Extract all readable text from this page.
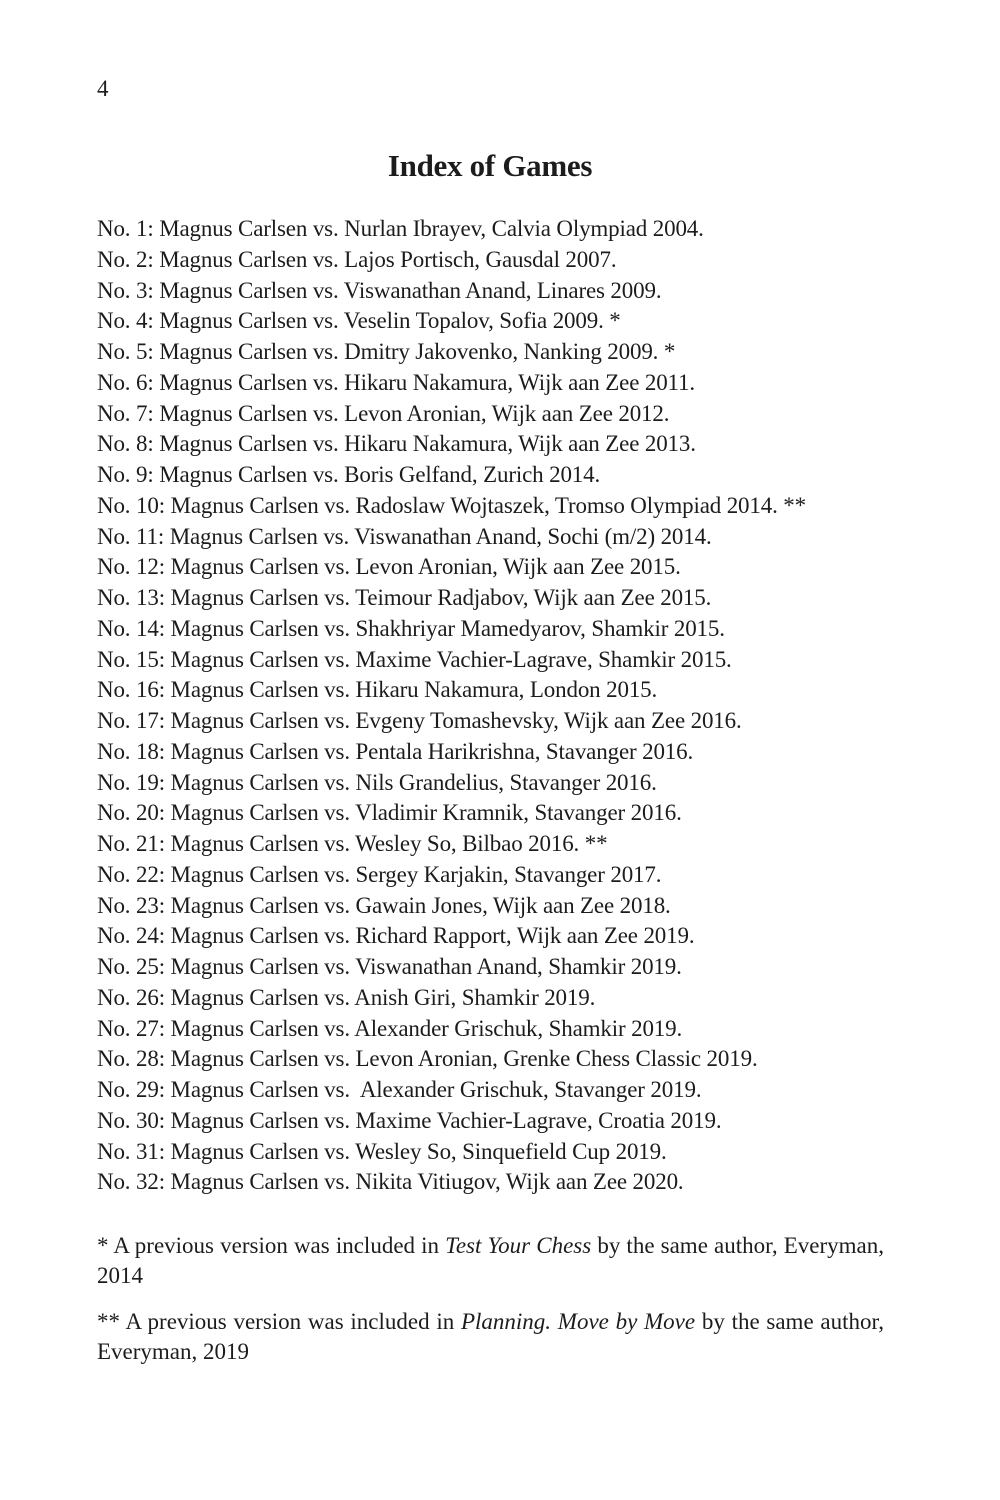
4
Index of Games
No. 1: Magnus Carlsen vs. Nurlan Ibrayev, Calvia Olympiad 2004.
No. 2: Magnus Carlsen vs. Lajos Portisch, Gausdal 2007.
No. 3: Magnus Carlsen vs. Viswanathan Anand, Linares 2009.
No. 4: Magnus Carlsen vs. Veselin Topalov, Sofia 2009. *
No. 5: Magnus Carlsen vs. Dmitry Jakovenko, Nanking 2009. *
No. 6: Magnus Carlsen vs. Hikaru Nakamura, Wijk aan Zee 2011.
No. 7: Magnus Carlsen vs. Levon Aronian, Wijk aan Zee 2012.
No. 8: Magnus Carlsen vs. Hikaru Nakamura, Wijk aan Zee 2013.
No. 9: Magnus Carlsen vs. Boris Gelfand, Zurich 2014.
No. 10: Magnus Carlsen vs. Radoslaw Wojtaszek, Tromso Olympiad 2014. **
No. 11: Magnus Carlsen vs. Viswanathan Anand, Sochi (m/2) 2014.
No. 12: Magnus Carlsen vs. Levon Aronian, Wijk aan Zee 2015.
No. 13: Magnus Carlsen vs. Teimour Radjabov, Wijk aan Zee 2015.
No. 14: Magnus Carlsen vs. Shakhriyar Mamedyarov, Shamkir 2015.
No. 15: Magnus Carlsen vs. Maxime Vachier-Lagrave, Shamkir 2015.
No. 16: Magnus Carlsen vs. Hikaru Nakamura, London 2015.
No. 17: Magnus Carlsen vs. Evgeny Tomashevsky, Wijk aan Zee 2016.
No. 18: Magnus Carlsen vs. Pentala Harikrishna, Stavanger 2016.
No. 19: Magnus Carlsen vs. Nils Grandelius, Stavanger 2016.
No. 20: Magnus Carlsen vs. Vladimir Kramnik, Stavanger 2016.
No. 21: Magnus Carlsen vs. Wesley So, Bilbao 2016. **
No. 22: Magnus Carlsen vs. Sergey Karjakin, Stavanger 2017.
No. 23: Magnus Carlsen vs. Gawain Jones, Wijk aan Zee 2018.
No. 24: Magnus Carlsen vs. Richard Rapport, Wijk aan Zee 2019.
No. 25: Magnus Carlsen vs. Viswanathan Anand, Shamkir 2019.
No. 26: Magnus Carlsen vs. Anish Giri, Shamkir 2019.
No. 27: Magnus Carlsen vs. Alexander Grischuk, Shamkir 2019.
No. 28: Magnus Carlsen vs. Levon Aronian, Grenke Chess Classic 2019.
No. 29: Magnus Carlsen vs.  Alexander Grischuk, Stavanger 2019.
No. 30: Magnus Carlsen vs. Maxime Vachier-Lagrave, Croatia 2019.
No. 31: Magnus Carlsen vs. Wesley So, Sinquefield Cup 2019.
No. 32: Magnus Carlsen vs. Nikita Vitiugov, Wijk aan Zee 2020.

* A previous version was included in Test Your Chess by the same author, Everyman, 2014

** A previous version was included in Planning. Move by Move by the same author, Everyman, 2019
